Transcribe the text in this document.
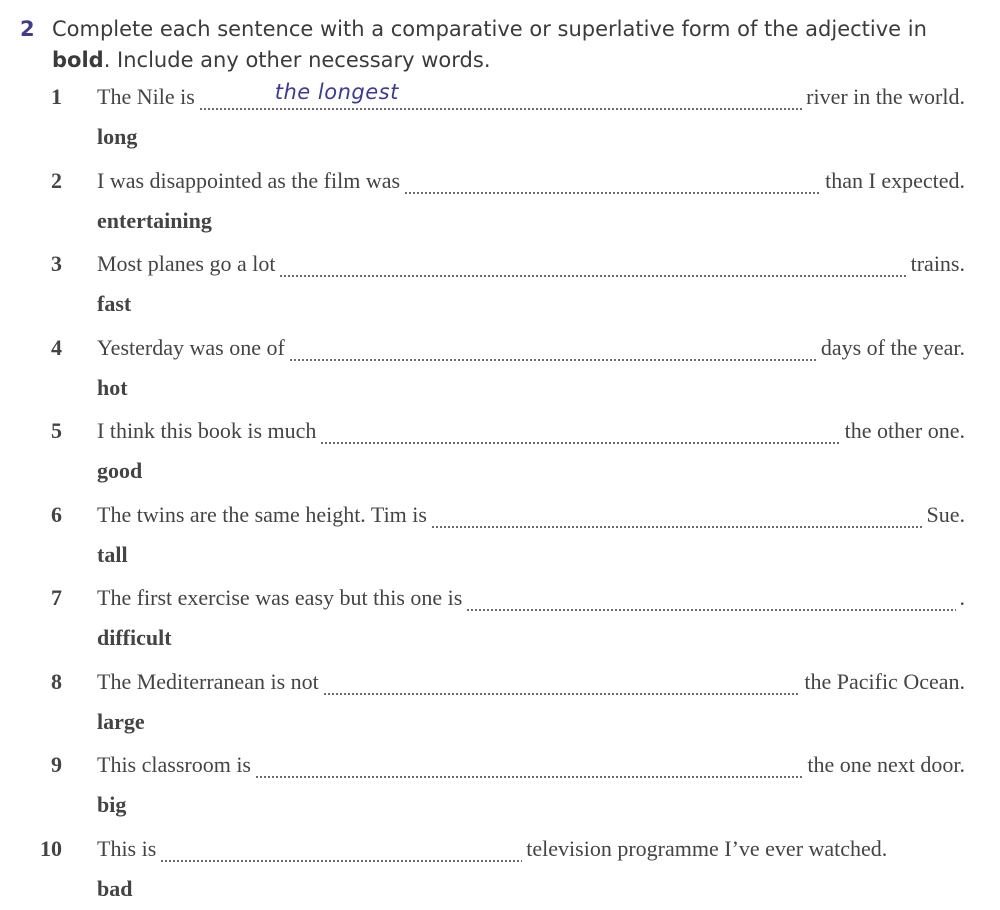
2 Complete each sentence with a comparative or superlative form of the adjective in bold. Include any other necessary words.
1 The Nile is	the longest	river in the world.
long
2 I was disappointed as the film was	than I expected.
entertaining
3 Most planes go a lot	trains.
fast
4 Yesterday was one of	days of the year.
hot
5 I think this book is much	the other one.
good
6 The twins are the same height. Tim is	Sue.
tall
7 The first exercise was easy but this one is	.
difficult
8 The Mediterranean is not	the Pacific Ocean.
large
9 This classroom is	the one next door.
big
10 This is	television programme I’ve ever watched.
bad
